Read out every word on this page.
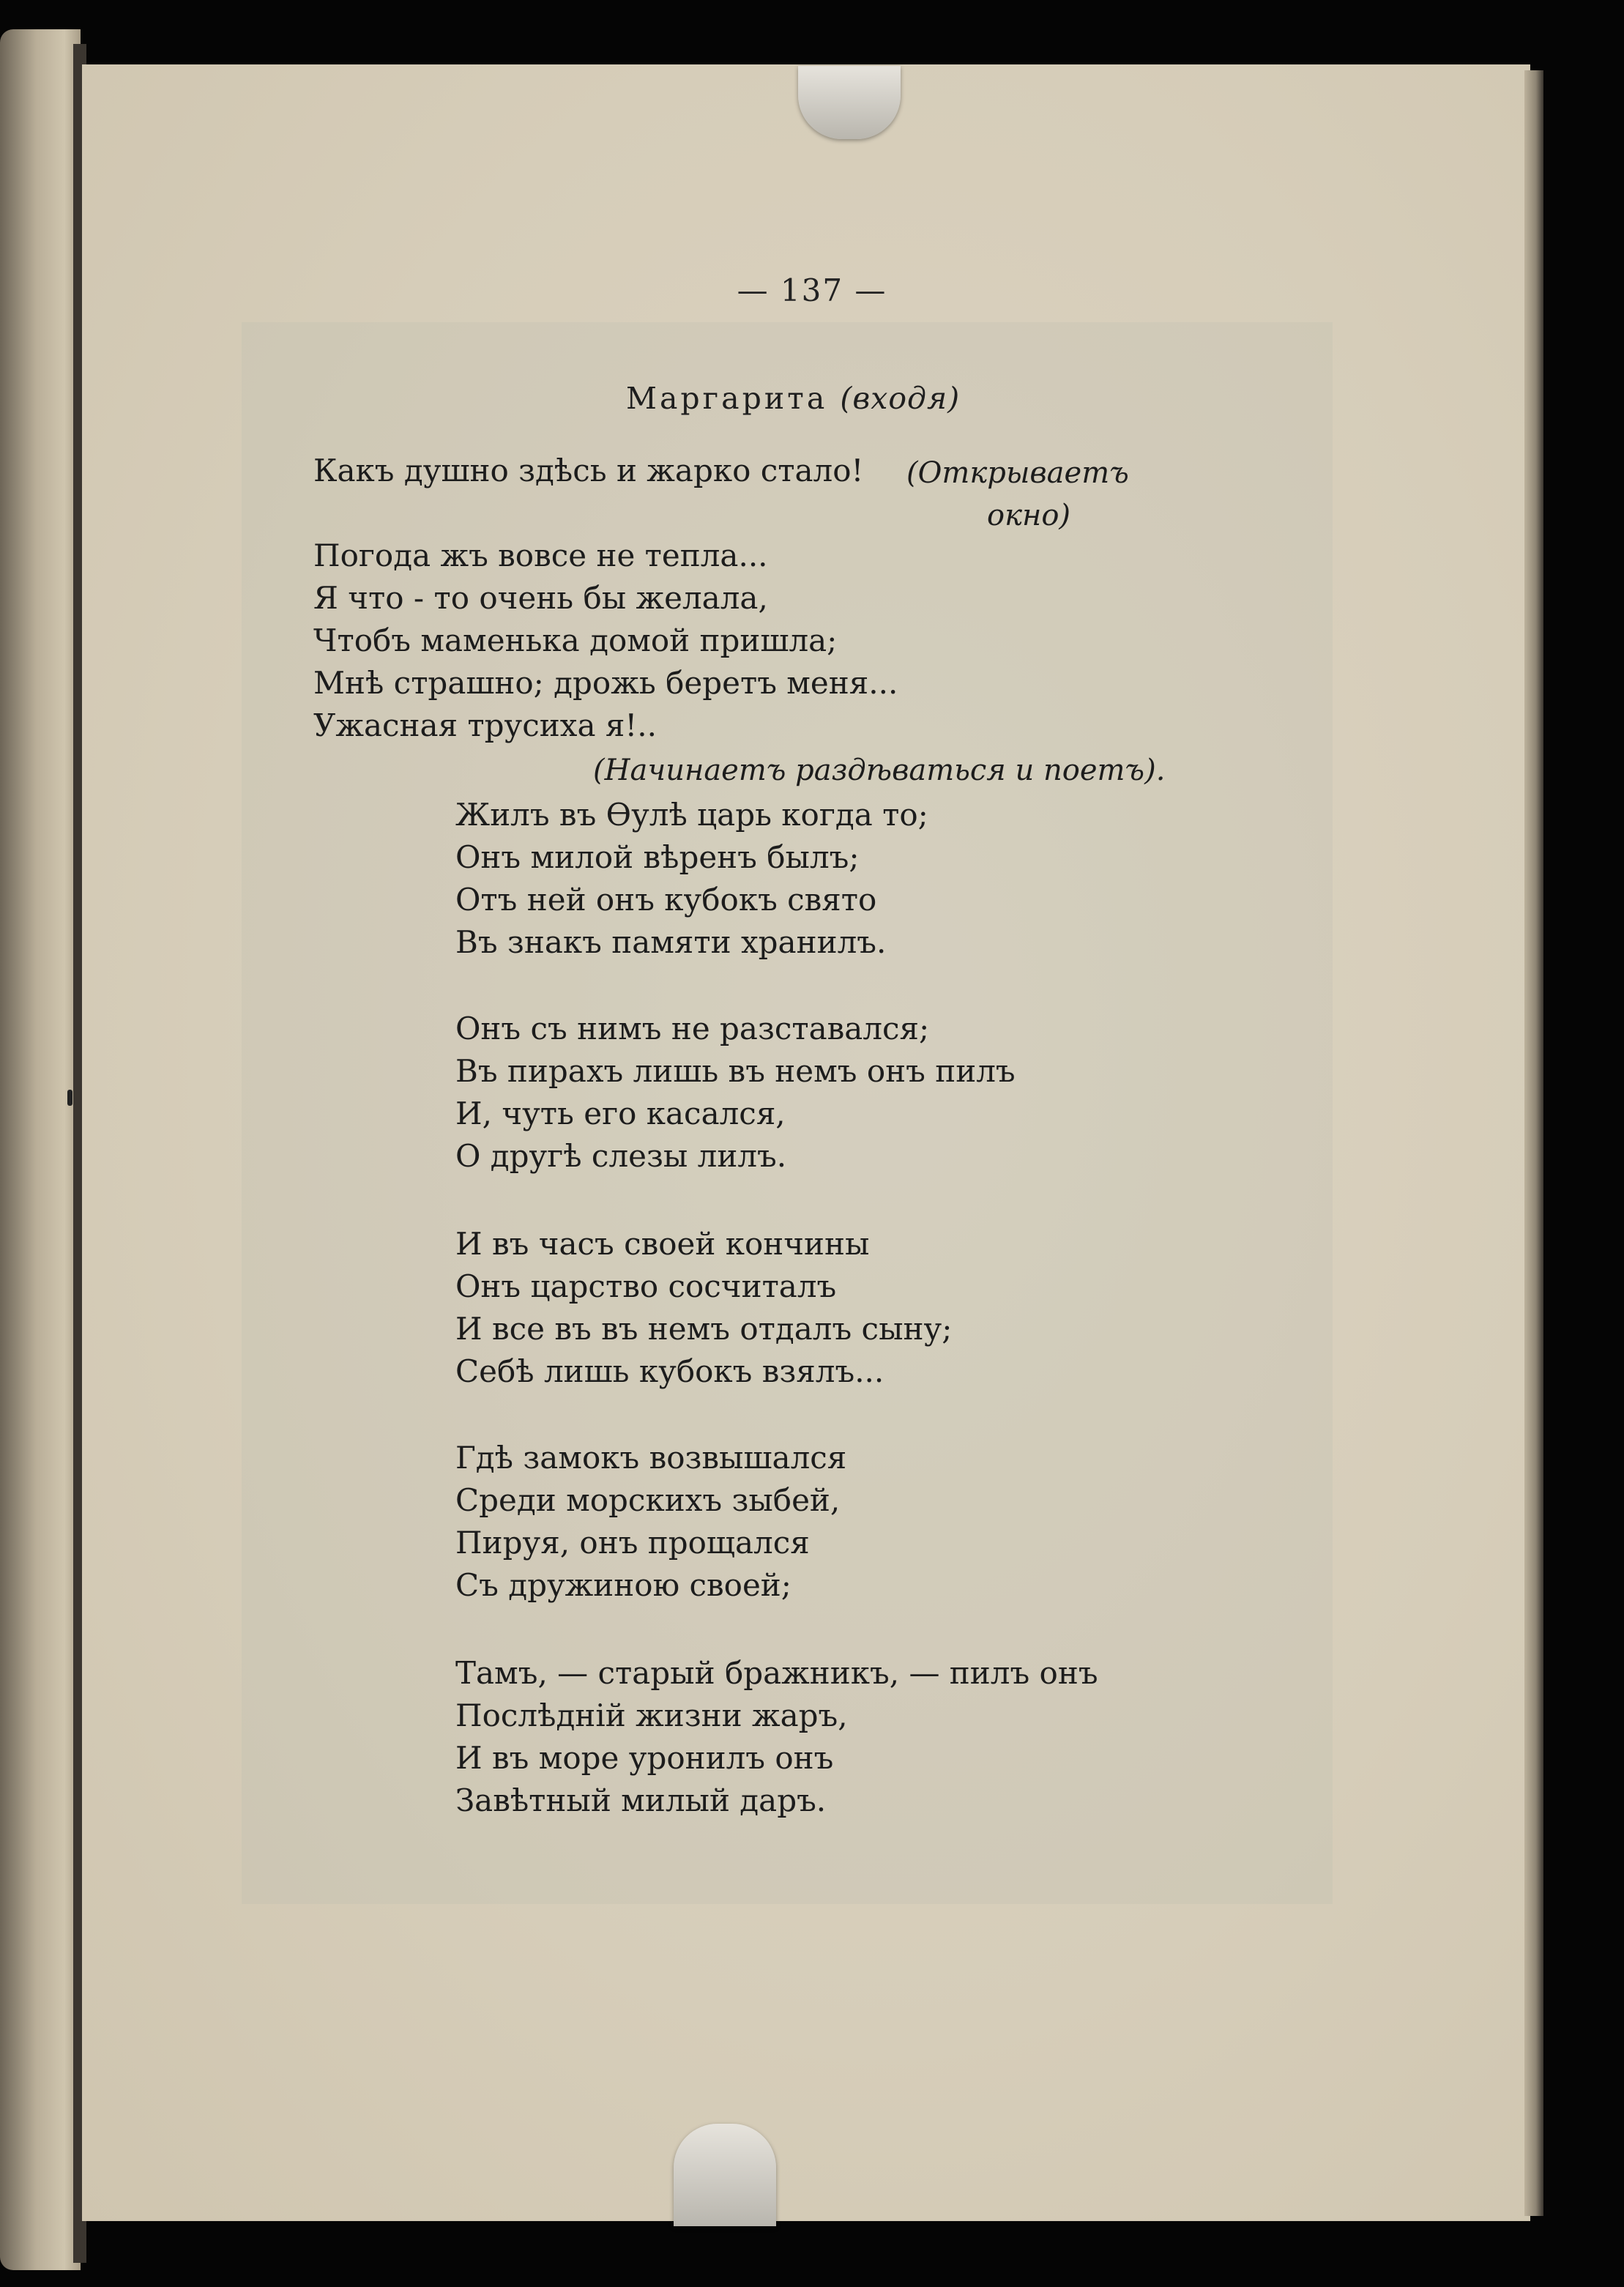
— 137 —
Маргарита (входя)
Какъ душно здѣсь и жарко стало! (Открываетъ
окно)
Погода жъ вовсе не тепла...
Я что - то очень бы желала,
Чтобъ маменька домой пришла;
Мнѣ страшно; дрожь беретъ меня...
Ужасная трусиха я!..
(Начинаетъ раздѣваться и поетъ).
Жилъ въ Ѳулѣ царь когда то;
Онъ милой вѣренъ былъ;
Отъ ней онъ кубокъ свято
Въ знакъ памяти хранилъ.
Онъ съ нимъ не разставался;
Въ пирахъ лишь въ немъ онъ пилъ
И, чуть его касался,
О другѣ слезы лилъ.
И въ часъ своей кончины
Онъ царство сосчиталъ
И все въ въ немъ отдалъ сыну;
Себѣ лишь кубокъ взялъ...
Гдѣ замокъ возвышался
Среди морскихъ зыбей,
Пируя, онъ прощался
Съ дружиною своей;
Тамъ, — старый бражникъ, — пилъ онъ
Послѣднiй жизни жаръ,
И въ море уронилъ онъ
Завѣтный милый даръ.
